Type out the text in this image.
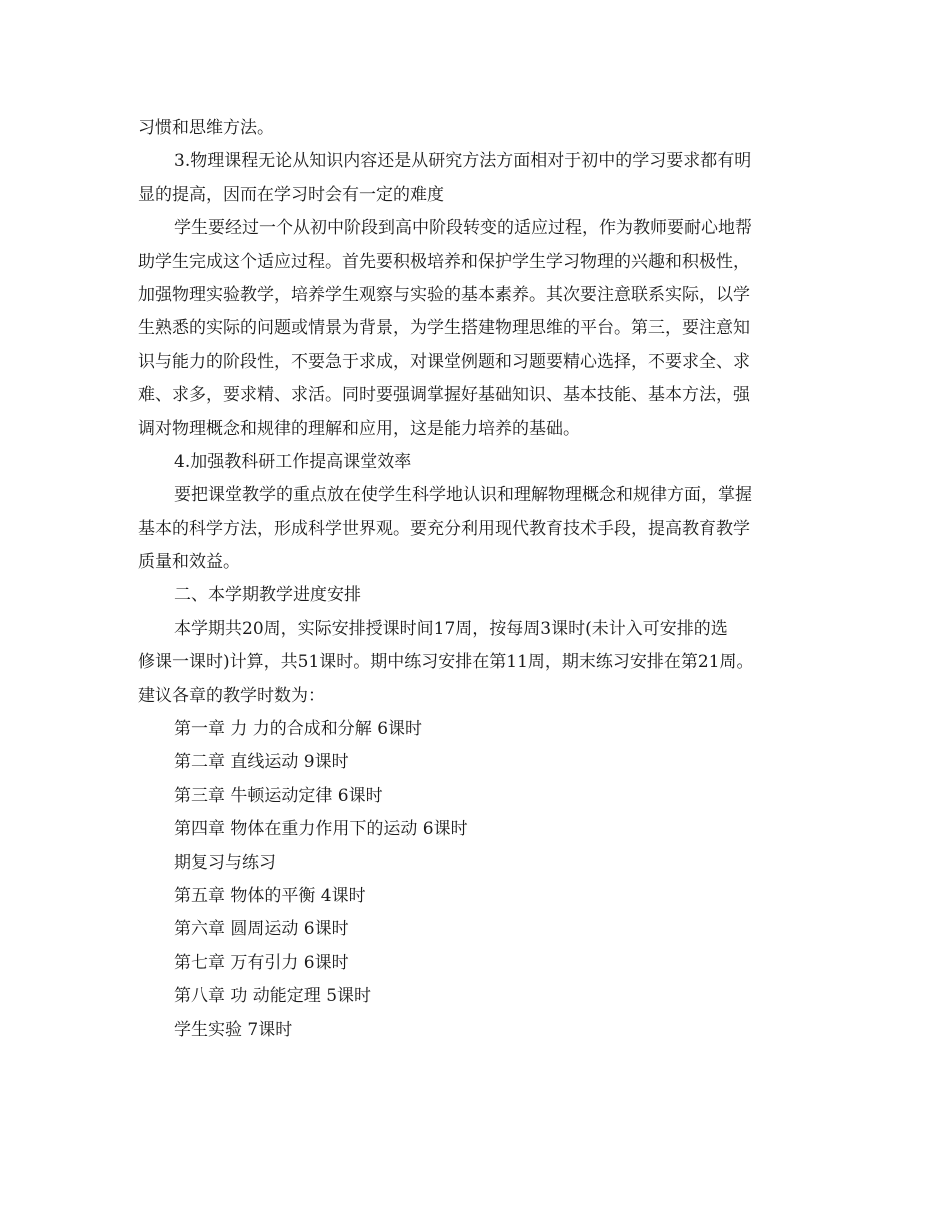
习惯和思维方法。
3.物理课程无论从知识内容还是从研究方法方面相对于初中的学习要求都有明
显的提高，因而在学习时会有一定的难度
学生要经过一个从初中阶段到高中阶段转变的适应过程，作为教师要耐心地帮
助学生完成这个适应过程。首先要积极培养和保护学生学习物理的兴趣和积极性，
加强物理实验教学，培养学生观察与实验的基本素养。其次要注意联系实际，以学
生熟悉的实际的问题或情景为背景，为学生搭建物理思维的平台。第三，要注意知
识与能力的阶段性，不要急于求成，对课堂例题和习题要精心选择，不要求全、求
难、求多，要求精、求活。同时要强调掌握好基础知识、基本技能、基本方法，强
调对物理概念和规律的理解和应用，这是能力培养的基础。
4.加强教科研工作提高课堂效率
要把课堂教学的重点放在使学生科学地认识和理解物理概念和规律方面，掌握
基本的科学方法，形成科学世界观。要充分利用现代教育技术手段，提高教育教学
质量和效益。
二、本学期教学进度安排
本学期共20周，实际安排授课时间17周，按每周3课时(未计入可安排的选
修课一课时)计算，共51课时。期中练习安排在第11周，期末练习安排在第21周。
建议各章的教学时数为：
第一章 力 力的合成和分解 6课时
第二章 直线运动 9课时
第三章 牛顿运动定律 6课时
第四章 物体在重力作用下的运动 6课时
期复习与练习
第五章 物体的平衡 4课时
第六章 圆周运动 6课时
第七章 万有引力 6课时
第八章 功 动能定理 5课时
学生实验 7课时
